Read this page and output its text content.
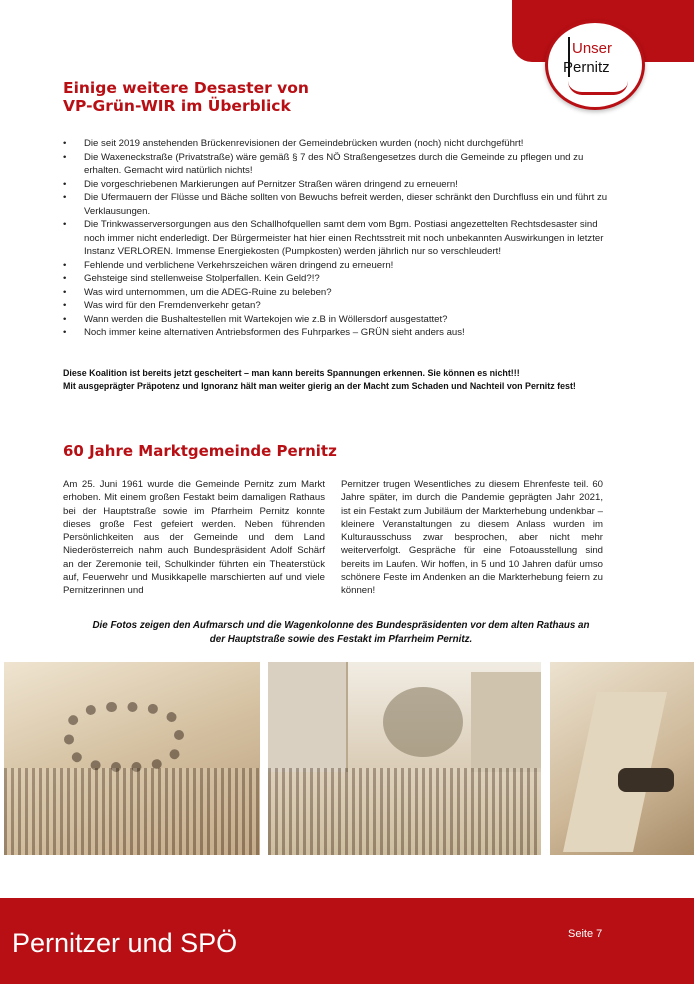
Unser
Pernitz
Einige weitere Desaster von
VP-Grün-WIR im Überblick
• Die seit 2019 anstehenden Brückenrevisionen der Gemeindebrücken wurden (noch) nicht durchgeführt!
• Die Waxeneckstraße (Privatstraße) wäre gemäß § 7 des NÖ Straßengesetzes durch die Gemeinde zu pflegen und zu erhalten. Gemacht wird natürlich nichts!
• Die vorgeschriebenen Markierungen auf Pernitzer Straßen wären dringend zu erneuern!
• Die Ufermauern der Flüsse und Bäche sollten von Bewuchs befreit werden, dieser schränkt den Durchfluss ein und führt zu Verklausungen.
• Die Trinkwasserversorgungen aus den Schallhofquellen samt dem vom Bgm. Postiasi angezettelten Rechtsdesaster sind noch immer nicht enderledigt. Der Bürgermeister hat hier einen Rechtsstreit mit noch unbekannten Auswirkungen in letzter Instanz VERLOREN. Immense Energiekosten (Pumpkosten) werden jährlich nur so verschleudert!
• Fehlende und verblichene Verkehrszeichen wären dringend zu erneuern!
• Gehsteige sind stellenweise Stolperfallen. Kein Geld?!?
• Was wird unternommen, um die ADEG-Ruine zu beleben?
• Was wird für den Fremdenverkehr getan?
• Wann werden die Bushaltestellen mit Wartekojen wie z.B in Wöllersdorf ausgestattet?
• Noch immer keine alternativen Antriebsformen des Fuhrparkes – GRÜN sieht anders aus!
Diese Koalition ist bereits jetzt gescheitert – man kann bereits Spannungen erkennen. Sie können es nicht!!!
Mit ausgeprägter Präpotenz und Ignoranz hält man weiter gierig an der Macht zum Schaden und Nachteil von Pernitz fest!
60 Jahre Marktgemeinde Pernitz

Am 25. Juni 1961 wurde die Gemeinde Pernitz zum Markt erhoben. Mit einem großen Festakt beim damaligen Rathaus bei der Hauptstraße sowie im Pfarrheim Pernitz konnte dieses große Fest gefeiert werden. Neben führenden Persönlichkeiten aus der Gemeinde und dem Land Niederösterreich nahm auch Bundespräsident Adolf Schärf an der Zeremonie teil, Schulkinder führten ein Theaterstück auf, Feuerwehr und Musikkapelle marschierten auf und viele Pernitzerinnen und

Pernitzer trugen Wesentliches zu diesem Ehrenfeste teil. 60 Jahre später, im durch die Pandemie geprägten Jahr 2021, ist ein Festakt zum Jubiläum der Markterhebung undenkbar – kleinere Veranstaltungen zu diesem Anlass wurden im Kulturausschuss zwar besprochen, aber nicht mehr weiterverfolgt. Gespräche für eine Fotoausstellung sind bereits im Laufen. Wir hoffen, in 5 und 10 Jahren dafür umso schönere Feste im Andenken an die Markterhebung feiern zu können!

Die Fotos zeigen den Aufmarsch und die Wagenkolonne des Bundespräsidenten vor dem alten Rathaus an
der Hauptstraße sowie des Festakt im Pfarrheim Pernitz.
Pernitzer und SPÖ	Seite 7
